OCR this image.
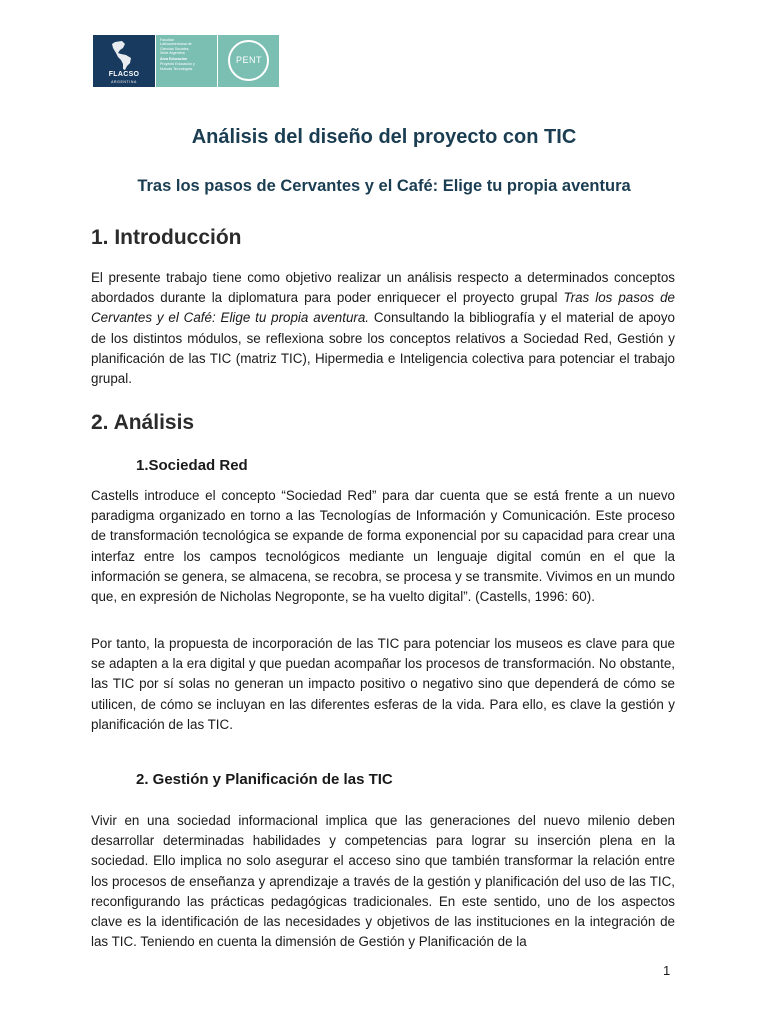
FLACSO
ARGENTINA
Facultad
Latinoamericana de
Ciencias Sociales,
Sede Argentina
Área Educación
Proyecto Educación y
Nuevas Tecnologías
PENT
Análisis del diseño del proyecto con TIC
Tras los pasos de Cervantes y el Café: Elige tu propia aventura
1. Introducción

El presente trabajo tiene como objetivo realizar un análisis respecto a determinados conceptos abordados durante la diplomatura para poder enriquecer el proyecto grupal Tras los pasos de Cervantes y el Café: Elige tu propia aventura. Consultando la bibliografía y el material de apoyo de los distintos módulos, se reflexiona sobre los conceptos relativos a Sociedad Red, Gestión y planificación de las TIC (matriz TIC), Hipermedia e Inteligencia colectiva para potenciar el trabajo grupal.

2. Análisis
1.Sociedad Red

Castells introduce el concepto “Sociedad Red” para dar cuenta que se está frente a un nuevo paradigma organizado en torno a las Tecnologías de Información y Comunicación. Este proceso de transformación tecnológica se expande de forma exponencial por su capacidad para crear una interfaz entre los campos tecnológicos mediante un lenguaje digital común en el que la información se genera, se almacena, se recobra, se procesa y se transmite. Vivimos en un mundo que, en expresión de Nicholas Negroponte, se ha vuelto digital”. (Castells, 1996: 60).

Por tanto, la propuesta de incorporación de las TIC para potenciar los museos es clave para que se adapten a la era digital y que puedan acompañar los procesos de transformación. No obstante, las TIC por sí solas no generan un impacto positivo o negativo sino que dependerá de cómo se utilicen, de cómo se incluyan en las diferentes esferas de la vida. Para ello, es clave la gestión y planificación de las TIC.

2. Gestión y Planificación de las TIC

Vivir en una sociedad informacional implica que las generaciones del nuevo milenio deben desarrollar determinadas habilidades y competencias para lograr su inserción plena en la sociedad. Ello implica no solo asegurar el acceso sino que también transformar la relación entre los procesos de enseñanza y aprendizaje a través de la gestión y planificación del uso de las TIC, reconfigurando las prácticas pedagógicas tradicionales. En este sentido, uno de los aspectos clave es la identificación de las necesidades y objetivos de las instituciones en la integración de las TIC. Teniendo en cuenta la dimensión de Gestión y Planificación de la

1
